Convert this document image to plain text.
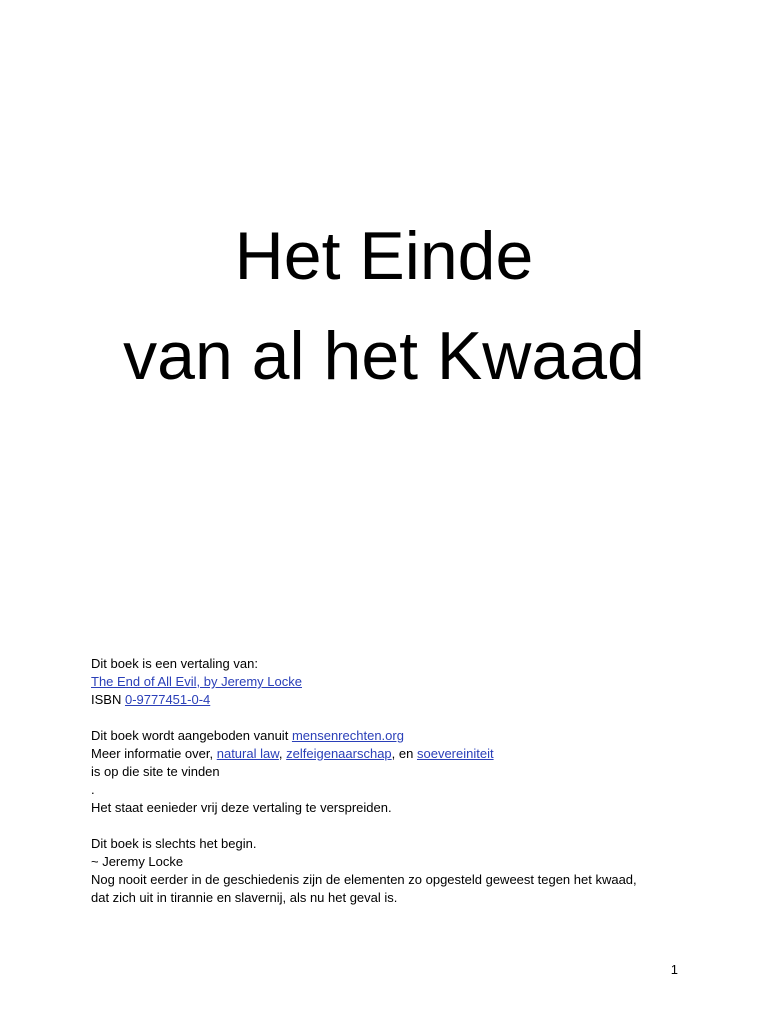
Het Einde
van al het Kwaad
Dit boek is een vertaling van:
The End of All Evil, by Jeremy Locke
ISBN 0-9777451-0-4
Dit boek wordt aangeboden vanuit mensenrechten.org
Meer informatie over, natural law, zelfeigenaarschap, en soevereiniteit
is op die site te vinden
.
Het staat eenieder vrij deze vertaling te verspreiden.
Dit boek is slechts het begin.
~ Jeremy Locke
Nog nooit eerder in de geschiedenis zijn de elementen zo opgesteld geweest tegen het kwaad,
dat zich uit in tirannie en slavernij, als nu het geval is.
1
